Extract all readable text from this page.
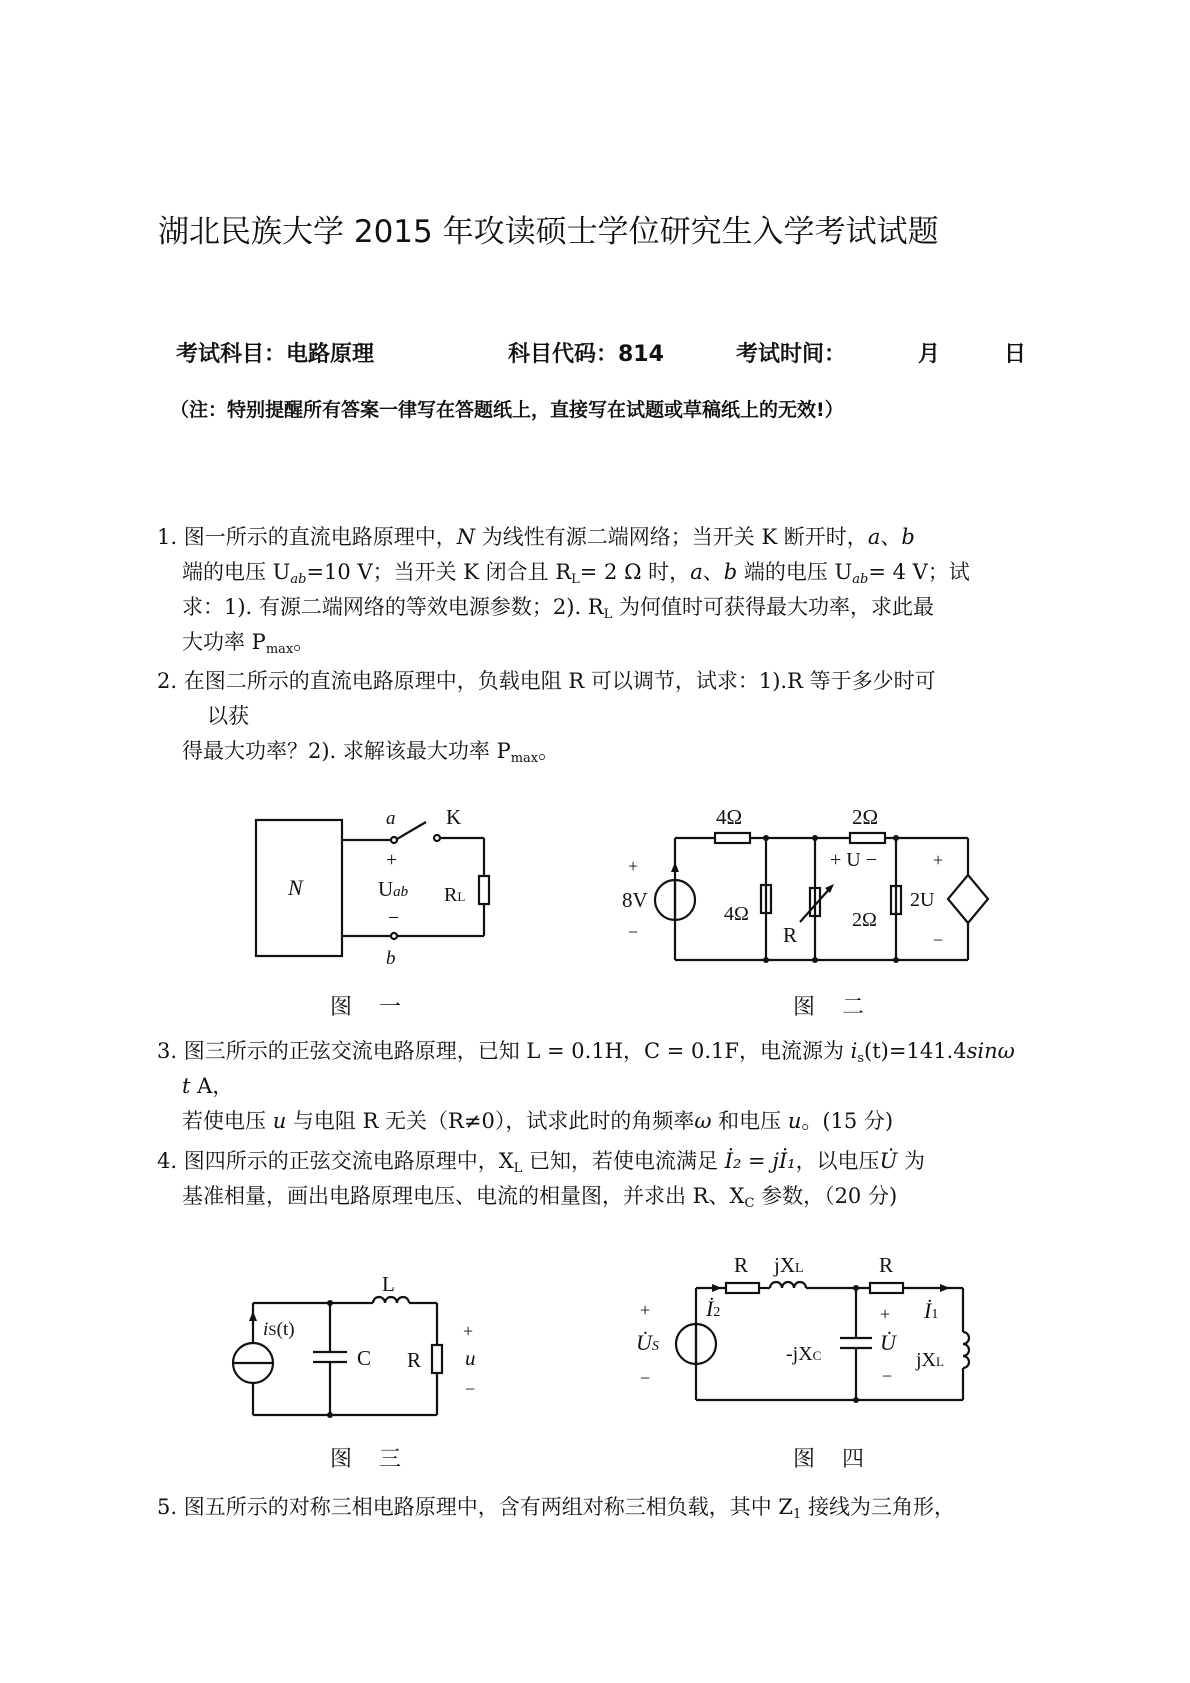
湖北民族大学 2015 年攻读硕士学位研究生入学考试试题
考试科目：电路原理	科目代码：814	考试时间：	月	日
（注：特别提醒所有答案一律写在答题纸上，直接写在试题或草稿纸上的无效!）
1. 图一所示的直流电路原理中，N 为线性有源二端网络；当开关 K 断开时，a、b
端的电压 $U_{ab}=10$ V；当开关 K 闭合且 $R_L= 2$ Ω 时，a、b 端的电压 $U_{ab}= 4$ V；试
求：1). 有源二端网络的等效电源参数；2). $R_L$ 为何值时可获得最大功率，求此最
大功率 $P_{max}$。
2. 在图二所示的直流电路原理中，负载电阻 R 可以调节，试求：1).R 等于多少时可
以获
得最大功率？2). 求解该最大功率 $P_{max}$。
N
a K
+
Uab
−
b
RL
图 一
4Ω	2Ω
+ U −
+
8V
−
4Ω
R
2Ω
+
2U
−
图 二
3. 图三所示的正弦交流电路原理，已知 L = 0.1H，C = 0.1F，电流源为 $i_s(t)=141.4\sin\omega$
t A，
若使电压 u 与电阻 R 无关（R≠0），试求此时的角频率ω 和电压 u。(15 分)
4. 图四所示的正弦交流电路原理中，$X_L$ 已知，若使电流满足 İ₂ = jİ₁，以电压U̇ 为
基准相量，画出电路原理电压、电流的相量图，并求出 R、$X_C$ 参数，（20 分)
L
iS(t)
C R
+
u
−
图 三
R jXL	R
+
U̇S
−
İ2
-jXC
+
U̇
−
İ1
jXL
图 四
5. 图五所示的对称三相电路原理中，含有两组对称三相负载，其中 $Z_1$ 接线为三角形，
